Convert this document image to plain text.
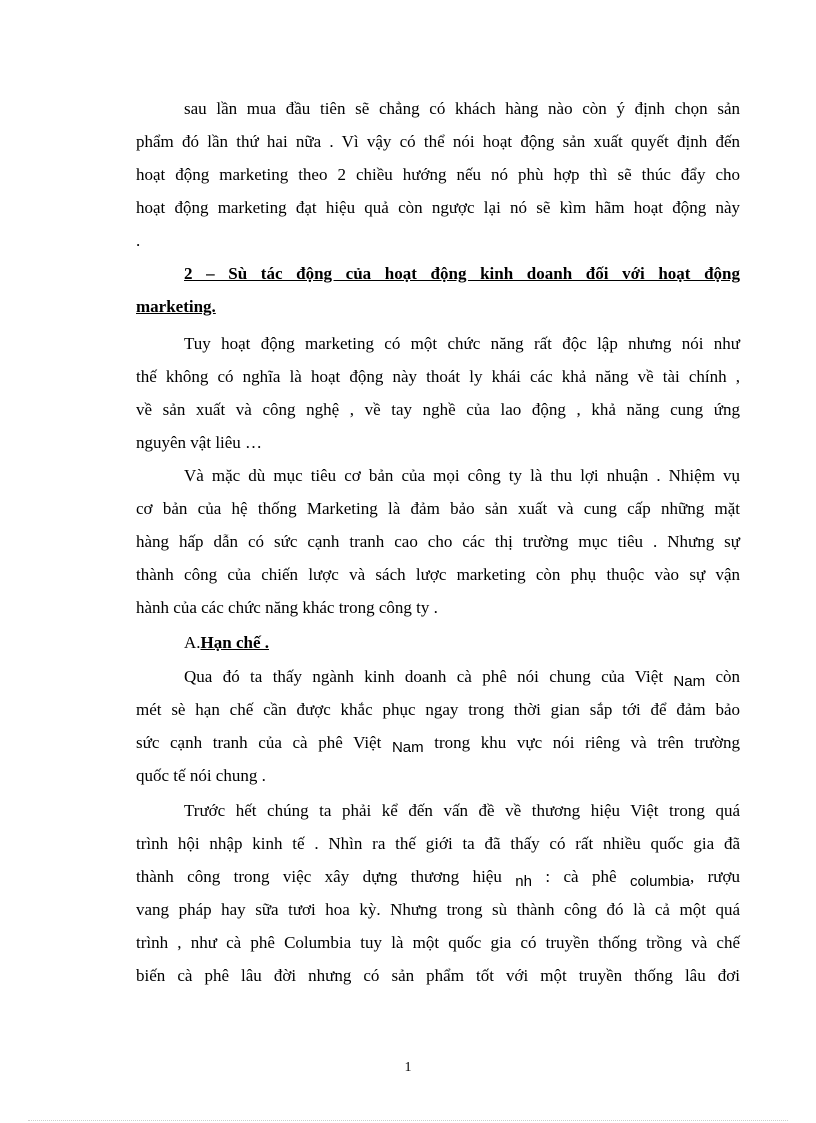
sau lần mua đầu tiên sẽ chẳng có khách hàng nào còn ý định chọn sản
phẩm đó lần thứ hai nữa . Vì vậy có thể nói hoạt động sản xuất quyết định đến
hoạt động marketing theo 2 chiều hướng nếu nó phù hợp thì sẽ thúc đẩy cho
hoạt động marketing đạt hiệu quả còn ngược lại nó sẽ kìm hãm hoạt động này
.
2 – Sù tác động của hoạt động kinh doanh đối với hoạt động
marketing.
Tuy hoạt động marketing có một chức năng rất độc lập nhưng nói như
thế không có nghĩa là hoạt động này thoát ly khái các khả năng về tài chính ,
về sản xuất và công nghệ , về tay nghề của lao động , khả năng cung ứng
nguyên vật liêu …
Và mặc dù mục tiêu cơ bản của mọi công ty là thu lợi nhuận . Nhiệm vụ
cơ bản của hệ thống Marketing là đảm bảo sản xuất và cung cấp những mặt
hàng hấp dẫn có sức cạnh tranh cao cho các thị trường mục tiêu . Nhưng sự
thành công của chiến lược và sách lược marketing còn phụ thuộc vào sự vận
hành của các chức năng khác trong công ty .
A.Hạn chế .
Qua đó ta thấy ngành kinh doanh cà phê nói chung của Việt Nam còn
mét sè hạn chế cần được khắc phục ngay trong thời gian sắp tới để đảm bảo
sức cạnh tranh của cà phê Việt Nam trong khu vực nói riêng và trên trường
quốc tế nói chung .
Trước hết chúng ta phải kể đến vấn đề về thương hiệu Việt trong quá
trình hội nhập kinh tế . Nhìn ra thế giới ta đã thấy có rất nhiều quốc gia đã
thành công trong việc xây dựng thương hiệu nh : cà phê columbia, rượu
vang pháp hay sữa tươi hoa kỳ. Nhưng trong sù thành công đó là cả một quá
trình , như cà phê Columbia tuy là một quốc gia có truyền thống trồng và chế
biến cà phê lâu đời nhưng có sản phẩm tốt với một truyền thống lâu đơi
1
